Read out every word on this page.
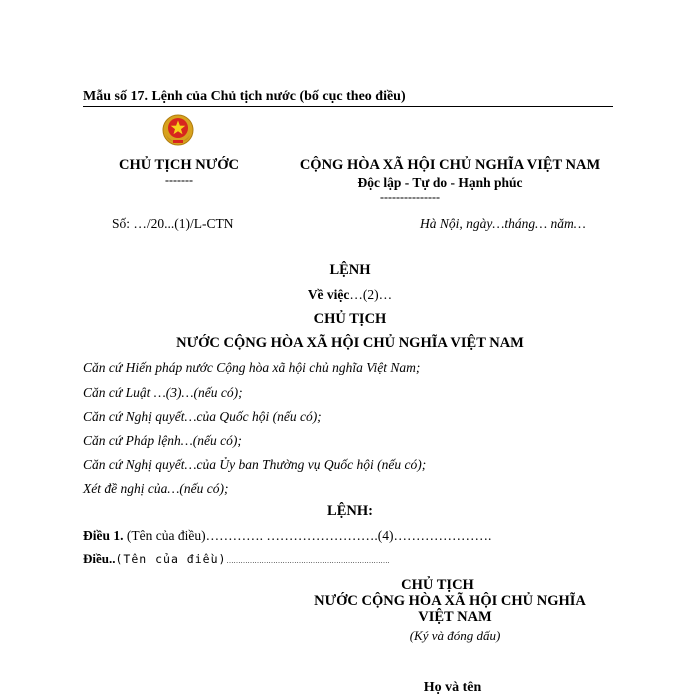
Mẫu số 17. Lệnh của Chủ tịch nước (bố cục theo điều)
CHỦ TỊCH NƯỚC
-------
CỘNG HÒA XÃ HỘI CHỦ NGHĨA VIỆT NAM
Độc lập - Tự do - Hạnh phúc
---------------
Số: …/20...(1)/L-CTN	Hà Nội, ngày…tháng… năm…
LỆNH
Về việc…(2)…
CHỦ TỊCH
NƯỚC CỘNG HÒA XÃ HỘI CHỦ NGHĨA VIỆT NAM
Căn cứ Hiến pháp nước Cộng hòa xã hội chủ nghĩa Việt Nam;
Căn cứ Luật …(3)…(nếu có);
Căn cứ Nghị quyết…của Quốc hội (nếu có);
Căn cứ Pháp lệnh…(nếu có);
Căn cứ Nghị quyết…của Ủy ban Thường vụ Quốc hội (nếu có);
Xét đề nghị của…(nếu có);
LỆNH:
Điều 1. (Tên của điều)…………. …………………….(4)………………….
Điều..(Tên của điều)…………………………………………………………….
CHỦ TỊCH
NƯỚC CỘNG HÒA XÃ HỘI CHỦ NGHĨA
VIỆT NAM
(Ký và đóng dấu)
Họ và tên
